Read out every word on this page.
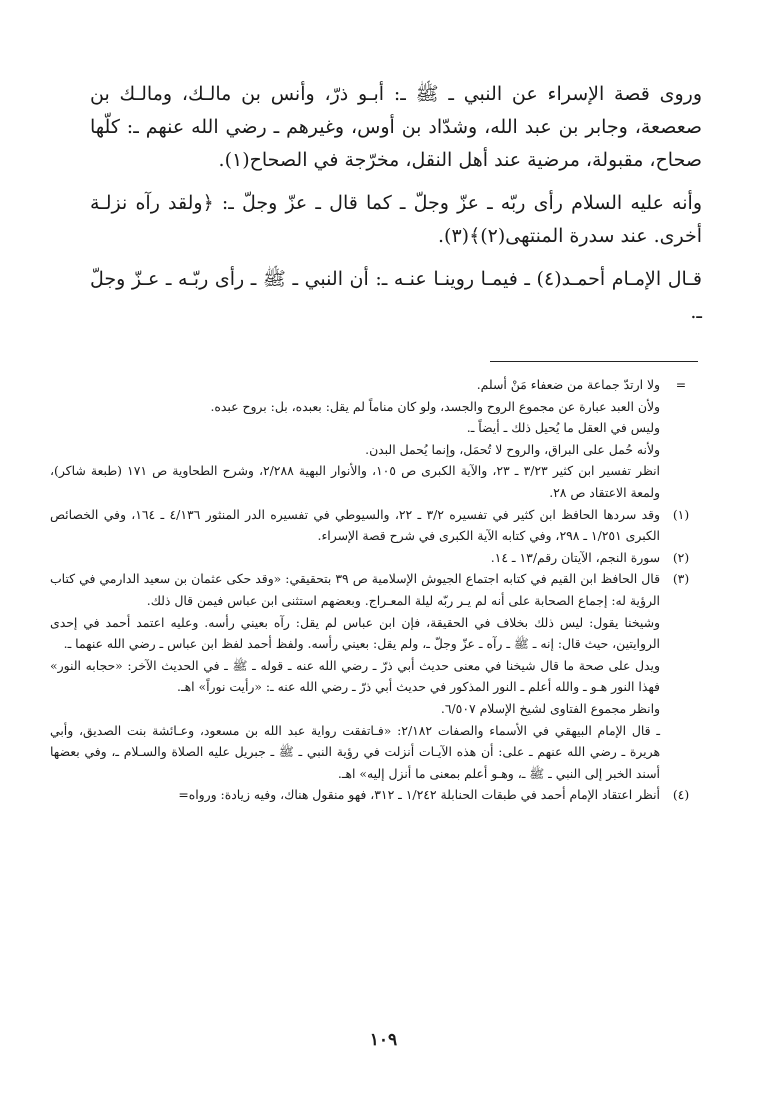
وروى قصة الإسراء عن النبي ـ ﷺ ـ: أبـو ذرّ، وأنس بن مالـك، ومالـك بن صعصعة، وجابر بن عبد الله، وشدّاد بن أوس، وغيرهم ـ رضي الله عنهم ـ: كلّها صحاح، مقبولة، مرضية عند أهل النقل، مخرّجة في الصحاح(١).

وأنه عليه السلام رأى ربّه ـ عزّ وجلّ ـ كما قال ـ عزّ وجلّ ـ: ﴿ولقد رآه نزلـة أخرى. عند سدرة المنتهى(٢)﴾(٣).

قـال الإمـام أحمـد(٤) ـ فيمـا روينـا عنـه ـ: أن النبي ـ ﷺ ـ رأى ربّـه ـ عـزّ وجلّ ـ.

=
ولا ارتدّ جماعة من ضعفاء مَنْ أسلم.
ولأن العبد عبارة عن مجموع الروح والجسد، ولو كان مناماً لم يقل: بعبده، بل: بروح عبده.
وليس في العقل ما يُحيل ذلك ـ أيضاً ـ.
ولأنه حُمل على البراق، والروح لا تُحمَل، وإنما يُحمل البدن.
انظر تفسير ابن كثير ٣/٢٣ ـ ٢٣، والآية الكبرى ص ١٠٥، والأنوار البهية ٢/٢٨٨، وشرح الطحاوية ص ١٧١ (طبعة شاكر)، ولمعة الاعتقاد ص ٢٨.
(١)
وقد سردها الحافظ ابن كثير في تفسيره ٣/٢ ـ ٢٢، والسيوطي في تفسيره الدر المنثور ٤/١٣٦ ـ ١٦٤، وفي الخصائص الكبرى ١/٢٥١ ـ ٢٩٨، وفي كتابه الآية الكبرى في شرح قصة الإسراء.
(٢)
سورة النجم، الآيتان رقم/١٣ ـ ١٤.
(٣)
قال الحافظ ابن القيم في كتابه اجتماع الجيوش الإسلامية ص ٣٩ بتحقيقي: «وقد حكى عثمان بن سعيد الدارمي في كتاب الرؤية له: إجماع الصحابة على أنه لم يـر ربّه ليلة المعـراج. وبعضهم استثنى ابن عباس فيمن قال ذلك.
وشيخنا يقول: ليس ذلك بخلاف في الحقيقة، فإن ابن عباس لم يقل: رآه بعيني رأسه. وعليه اعتمد أحمد في إحدى الروايتين، حيث قال: إنه ـ ﷺ ـ رآه ـ عزّ وجلّ ـ، ولم يقل: بعيني رأسه. ولفظ أحمد لفظ ابن عباس ـ رضي الله عنهما ـ.
ويدل على صحة ما قال شيخنا في معنى حديث أبي ذرّ ـ رضي الله عنه ـ قوله ـ ﷺ ـ في الحديث الآخر: «حجابه النور» فهذا النور هـو ـ والله أعلم ـ النور المذكور في حديث أبي ذرّ ـ رضي الله عنه ـ: «رأيت نوراً» اهـ.
وانظر مجموع الفتاوى لشيخ الإسلام ٦/٥٠٧.
ـ قال الإمام البيهقي في الأسماء والصفات ٢/١٨٢: «فـاتفقت رواية عبد الله بن مسعود، وعـائشة بنت الصديق، وأبي هريرة ـ رضي الله عنهم ـ على: أن هذه الآيـات أنزلت في رؤية النبي ـ ﷺ ـ جبريل عليه الصلاة والسـلام ـ، وفي بعضها أسند الخبر إلى النبي ـ ﷺ ـ، وهـو أعلم بمعنى ما أنزل إليه» اهـ.
(٤)
أنظر اعتقاد الإمام أحمد في طبقات الحنابلة ١/٢٤٢ ـ ٣١٢، فهو منقول هناك، وفيه زيادة: ورواه=
١٠٩
